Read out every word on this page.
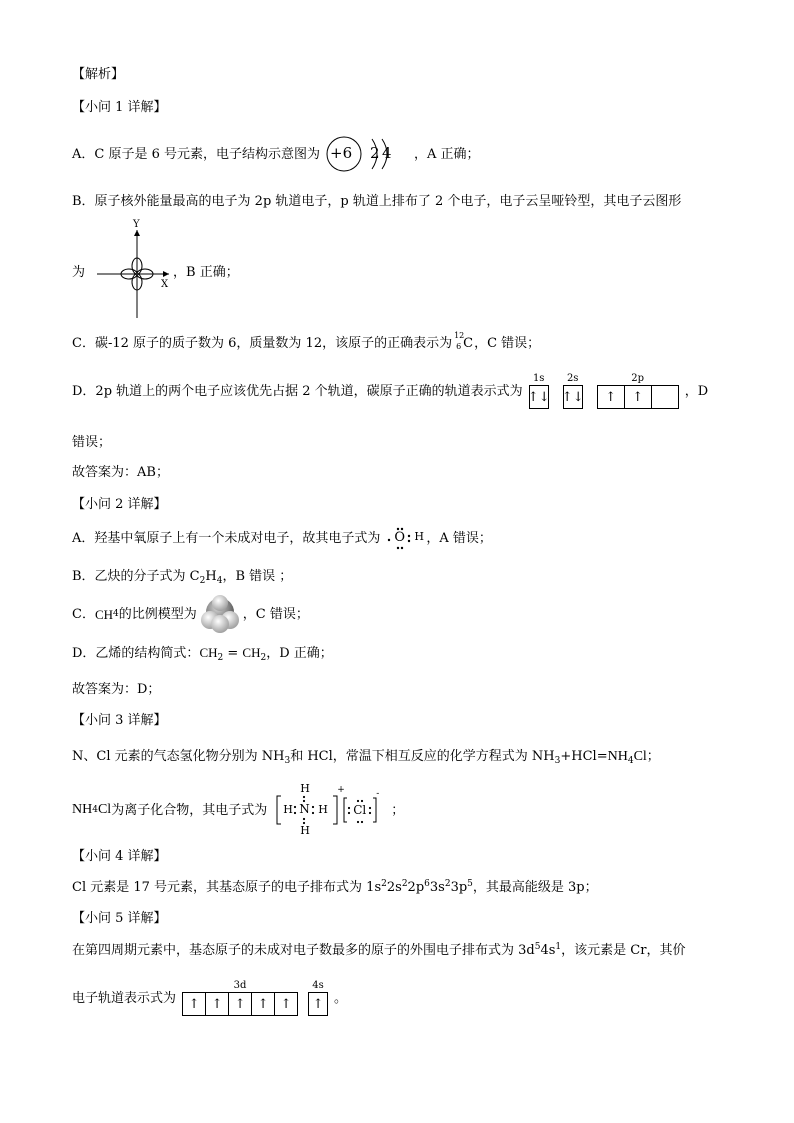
【解析】
【小问 1 详解】
A．C 原子是 6 号元素，电子结构示意图为 +6 2 4 ，A 正确；
B．原子核外能量最高的电子为 2p 轨道电子，p 轨道上排布了 2 个电子，电子云呈哑铃型，其电子云图形
为
Y
X
，B 正确；
C．碳-12 原子的质子数为 6，质量数为 12，该原子的正确表示为 12
6 C ，C 错误；
D．2p 轨道上的两个电子应该优先占据 2 个轨道，碳原子正确的轨道表示式为
1s
↑↓
2s
↑↓
2p
↑	↑	，D
错误；
故答案为：AB；
【小问 2 详解】
A．羟基中氧原子上有一个未成对电子，故其电子式为 O H ，A 错误；
B．乙炔的分子式为 $C_2H_4$，B 错误 ；
C． CH 4 的比例模型为	，C 错误；
D．乙烯的结构简式：$CH_2 = CH_2$，D 正确；
故答案为：D；
【小问 3 详解】
N、Cl 元素的气态氢化物分别为 $NH_3$和 HCl，常温下相互反应的化学方程式为 $NH_3+HCl=NH_4Cl$；
NH 4 Cl 为离子化合物，其电子式为
H
H N H
H
+
Cl
-
；
【小问 4 详解】
Cl 元素是 17 号元素，其基态原子的电子排布式为 $1s^22s^22p^63s^23p^5$，其最高能级是 3p；
【小问 5 详解】
在第四周期元素中，基态原子的未成对电子数最多的原子的外围电子排布式为 $3d^54s^1$，该元素是 Cr，其价
电子轨道表示式为
3d
↑ ↑ ↑ ↑ ↑
4s
↑ 。
